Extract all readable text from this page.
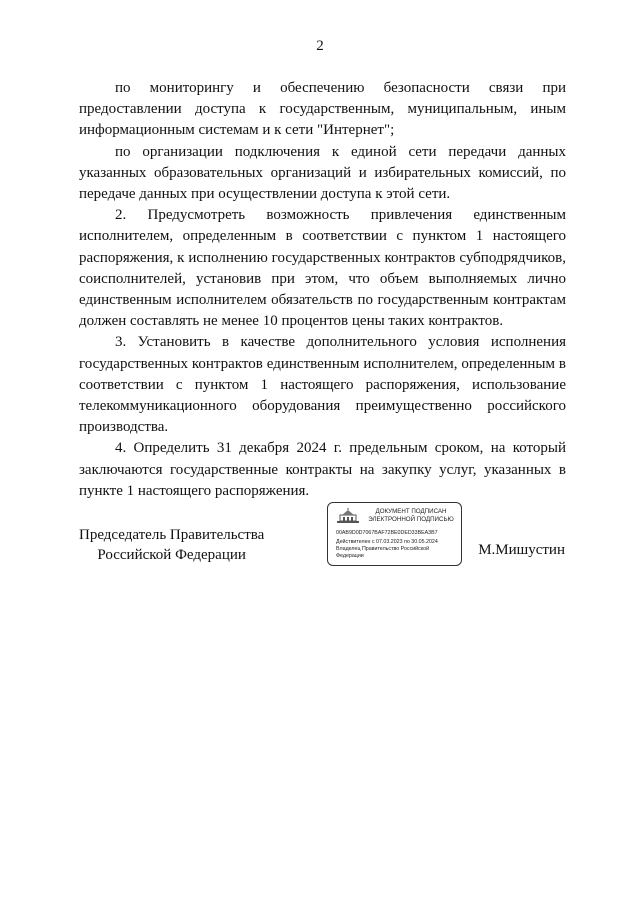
2

по мониторингу и обеспечению безопасности связи при предоставлении доступа к государственным, муниципальным, иным информационным системам и к сети "Интернет";

по организации подключения к единой сети передачи данных указанных образовательных организаций и избирательных комиссий, по передаче данных при осуществлении доступа к этой сети.

2. Предусмотреть возможность привлечения единственным исполнителем, определенным в соответствии с пунктом 1 настоящего распоряжения, к исполнению государственных контрактов субподрядчиков, соисполнителей, установив при этом, что объем выполняемых лично единственным исполнителем обязательств по государственным контрактам должен составлять не менее 10 процентов цены таких контрактов.

3. Установить в качестве дополнительного условия исполнения государственных контрактов единственным исполнителем, определенным в соответствии с пунктом 1 настоящего распоряжения, использование телекоммуникационного оборудования преимущественно российского производства.

4. Определить 31 декабря 2024 г. предельным сроком, на который заключаются государственные контракты на закупку услуг, указанных в пункте 1 настоящего распоряжения.

Председатель Правительства
Российской Федерации
ДОКУМЕНТ ПОДПИСАН
ЭЛЕКТРОННОЙ ПОДПИСЬЮ
00AB9D0D7067BAF72BE0DED33BEA3B7
Действителен с 07.03.2023 по 30.05.2024
Владелец Правительство Российской
Федерации	М.Мишустин
